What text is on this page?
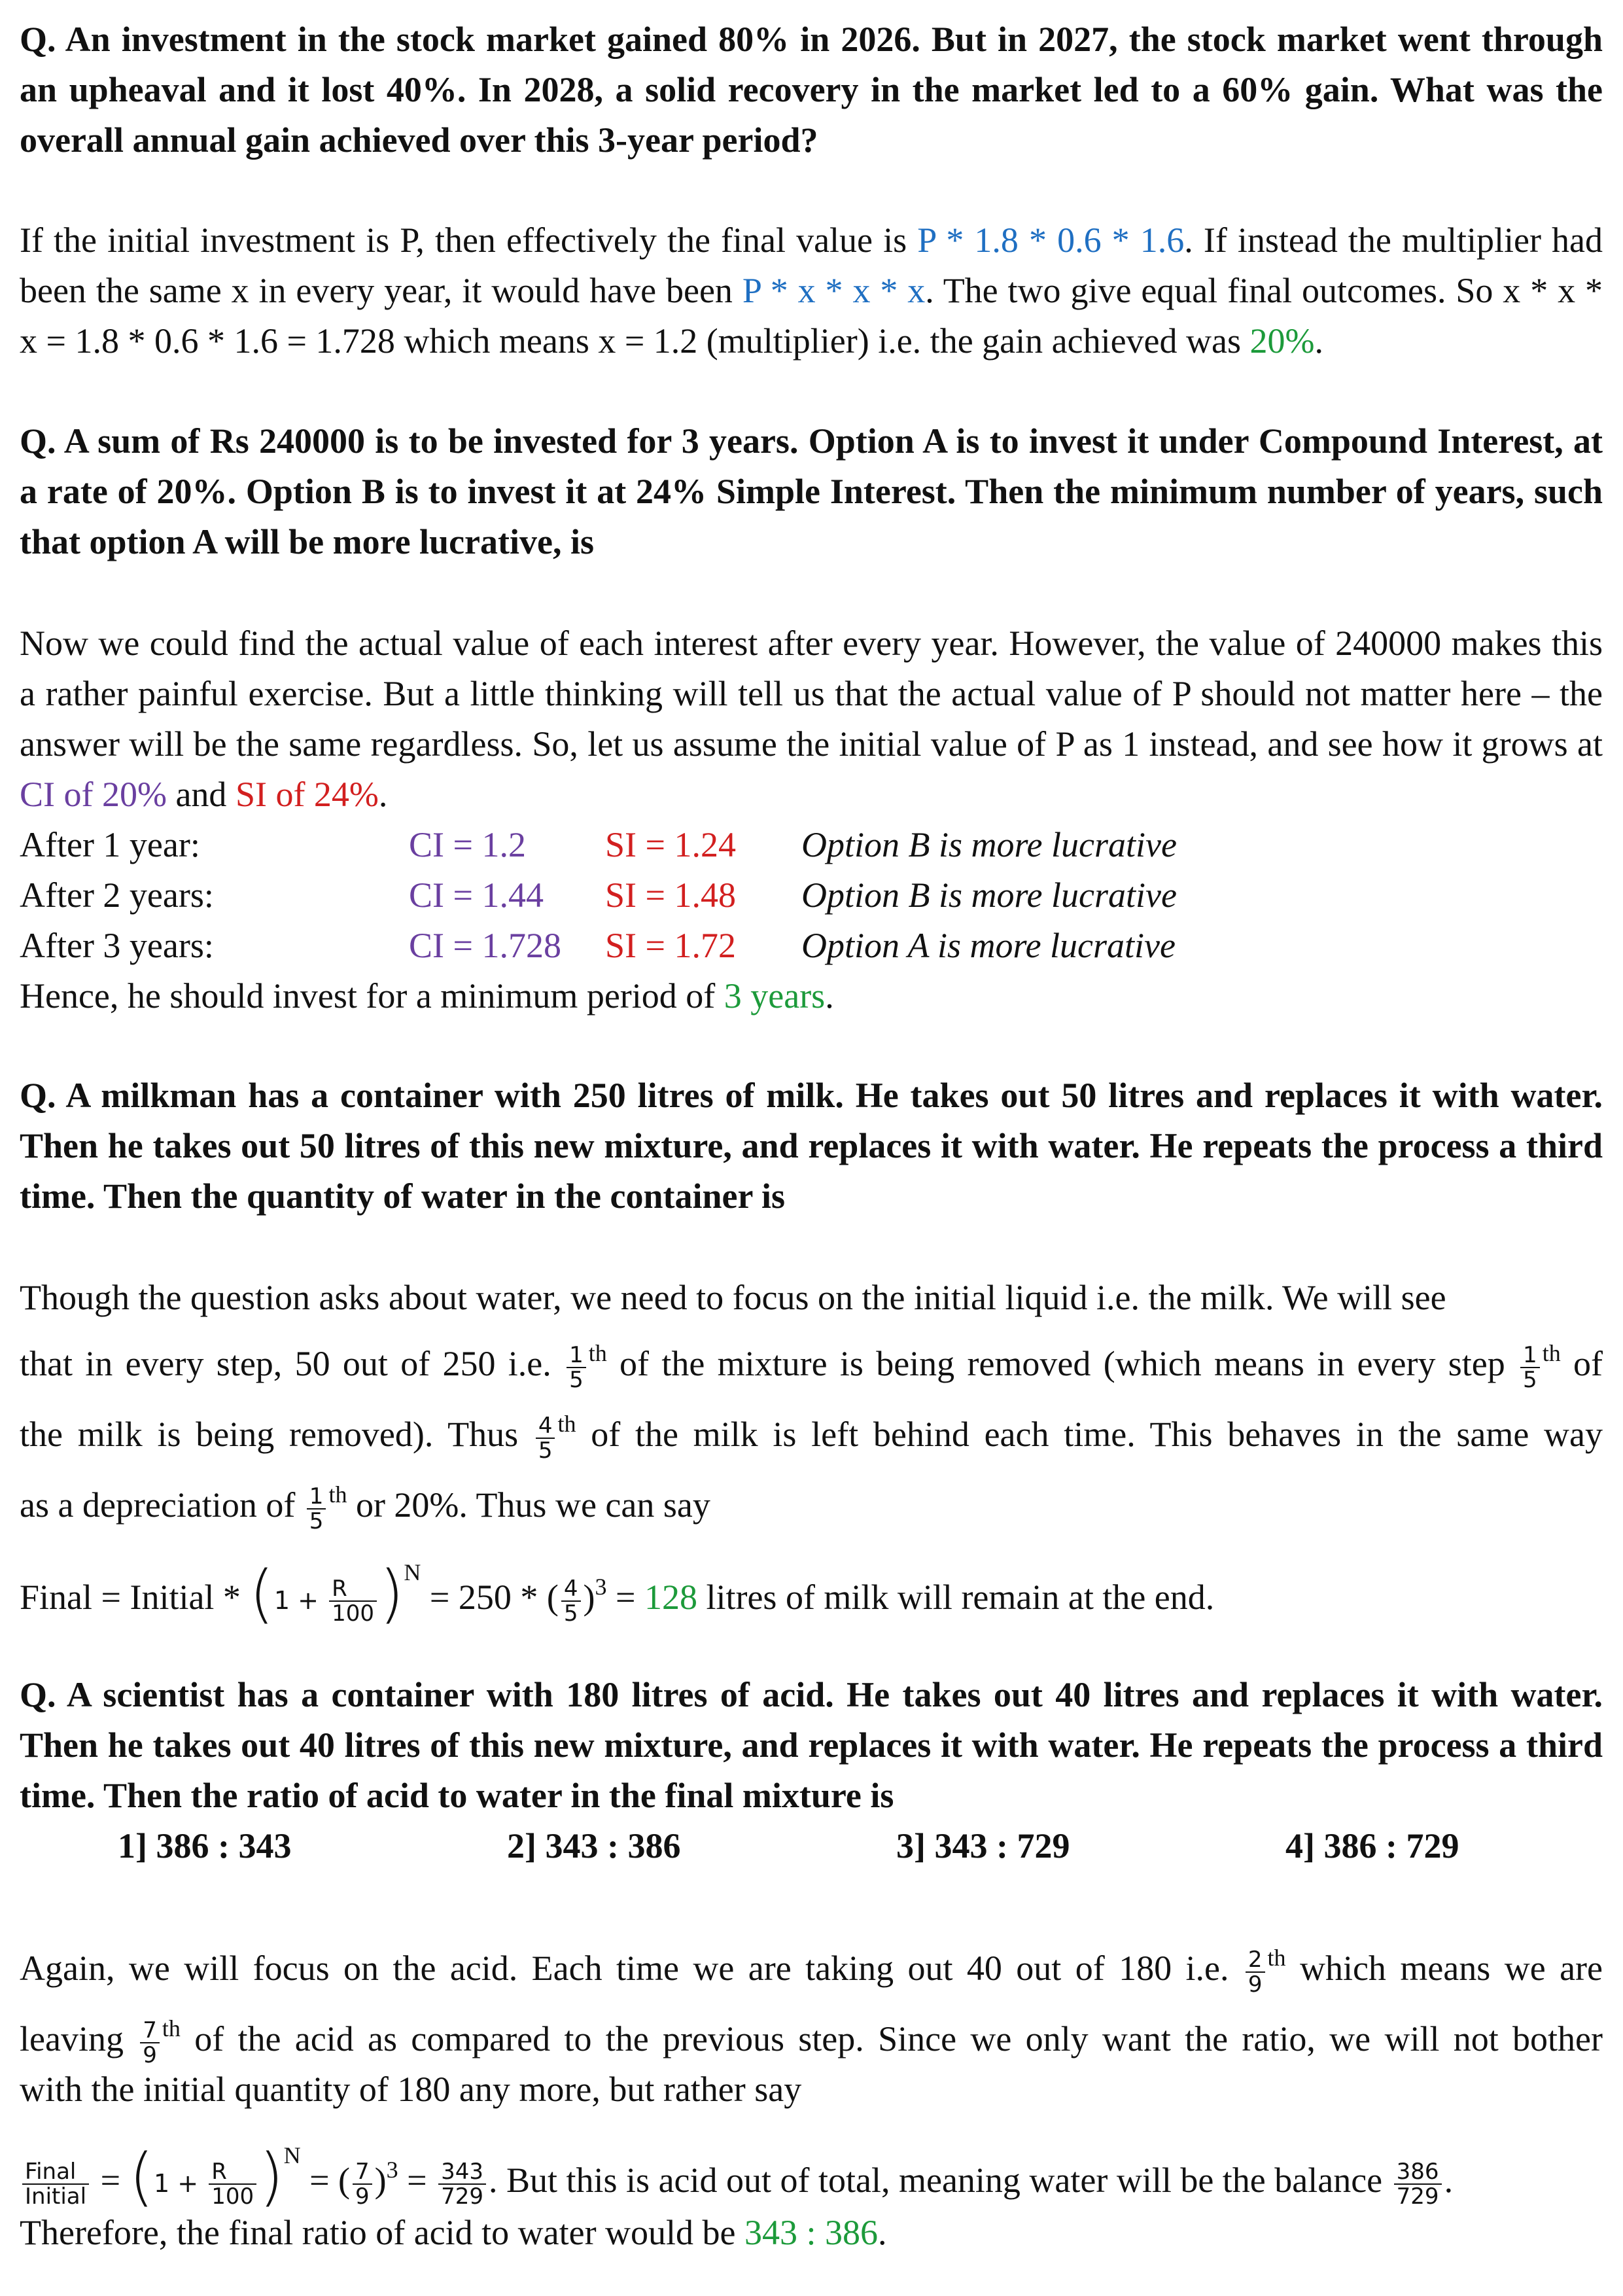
Q. An investment in the stock market gained 80% in 2026. But in 2027, the stock market went through an upheaval and it lost 40%. In 2028, a solid recovery in the market led to a 60% gain. What was the overall annual gain achieved over this 3-year period?
If the initial investment is P, then effectively the final value is P * 1.8 * 0.6 * 1.6. If instead the multiplier had been the same x in every year, it would have been P * x * x * x. The two give equal final outcomes. So x * x * x = 1.8 * 0.6 * 1.6 = 1.728 which means x = 1.2 (multiplier) i.e. the gain achieved was 20%.
Q. A sum of Rs 240000 is to be invested for 3 years. Option A is to invest it under Compound Interest, at a rate of 20%. Option B is to invest it at 24% Simple Interest. Then the minimum number of years, such that option A will be more lucrative, is
Now we could find the actual value of each interest after every year. However, the value of 240000 makes this a rather painful exercise. But a little thinking will tell us that the actual value of P should not matter here – the answer will be the same regardless. So, let us assume the initial value of P as 1 instead, and see how it grows at CI of 20% and SI of 24%.
After 1 year:	CI = 1.2 SI = 1.24 Option B is more lucrative
After 2 years:	CI = 1.44 SI = 1.48 Option B is more lucrative
After 3 years:	CI = 1.728 SI = 1.72 Option A is more lucrative
Hence, he should invest for a minimum period of 3 years.
Q. A milkman has a container with 250 litres of milk. He takes out 50 litres and replaces it with water. Then he takes out 50 litres of this new mixture, and replaces it with water. He repeats the process a third time. Then the quantity of water in the container is
Though the question asks about water, we need to focus on the initial liquid i.e. the milk. We will see
that in every step, 50 out of 250 i.e. $\frac{1}{5} ^{th}$ of the mixture is being removed (which means in every step $\frac{1}{5} ^{th}$ of
the milk is being removed). Thus $\frac{4}{5} ^{th}$ of the milk is left behind each time. This behaves in the same way
as a depreciation of $\frac{1}{5} ^{th}$ or 20%. Thus we can say
Final = Initial * $(1 + \frac{R}{100} )^N = 250$ * ( $\frac{4}{5} )^3 = 128$ litres of milk will remain at the end.
Q. A scientist has a container with 180 litres of acid. He takes out 40 litres and replaces it with water. Then he takes out 40 litres of this new mixture, and replaces it with water. He repeats the process a third time. Then the ratio of acid to water in the final mixture is
1] 386 : 343	2] 343 : 386	3] 343 : 729	4] 386 : 729
Again, we will focus on the acid. Each time we are taking out 40 out of 180 i.e. $\frac{2}{9} ^{th}$ which means we are
leaving $\frac{7}{9} ^{th}$ of the acid as compared to the previous step. Since we only want the ratio, we will not bother
with the initial quantity of 180 any more, but rather say
$\frac{\text{Final}}{\text{Initial}} = (1 + \frac{R}{100} )^N$ = ( $\frac{7}{9} )^3 = \frac{343}{729}$ . But this is acid out of total, meaning water will be the balance $\frac{386}{729}$ .
Therefore, the final ratio of acid to water would be 343 : 386.
